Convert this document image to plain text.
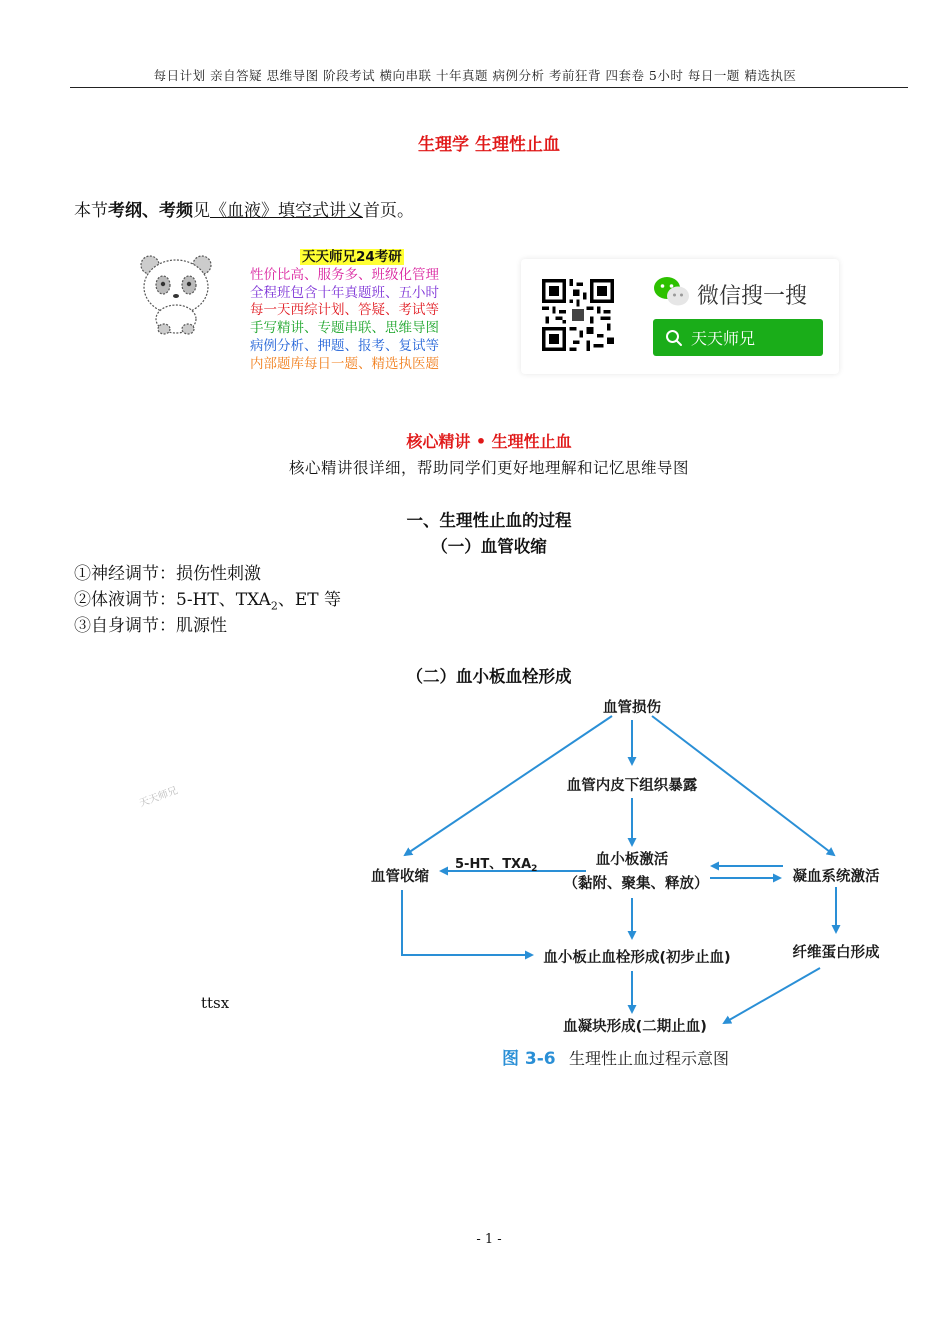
每日计划 亲自答疑 思维导图 阶段考试 横向串联 十年真题 病例分析 考前狂背 四套卷 5小时 每日一题 精选执医
生理学 生理性止血
本节考纲、考频见《血液》填空式讲义首页。
天天师兄24考研
性价比高、服务多、班级化管理
全程班包含十年真题班、五小时
每一天西综计划、答疑、考试等
手写精讲、专题串联、思维导图
病例分析、押题、报考、复试等
内部题库每日一题、精选执医题
微信搜一搜
天天师兄
核心精讲 • 生理性止血
核心精讲很详细，帮助同学们更好地理解和记忆思维导图
一、生理性止血的过程
（一）血管收缩
①神经调节：损伤性刺激
②体液调节：5-HT、$TXA_2$、ET 等
③自身调节：肌源性
（二）血小板血栓形成
天天师兄
ttsx
血管损伤
血管内皮下组织暴露
血管收缩
血小板激活
（黏附、聚集、释放）	凝血系统激活
血小板止血栓形成(初步止血)	纤维蛋白形成
血凝块形成(二期止血)
5-HT、$TXA_2$
图 3-6 生理性止血过程示意图
- 1 -
